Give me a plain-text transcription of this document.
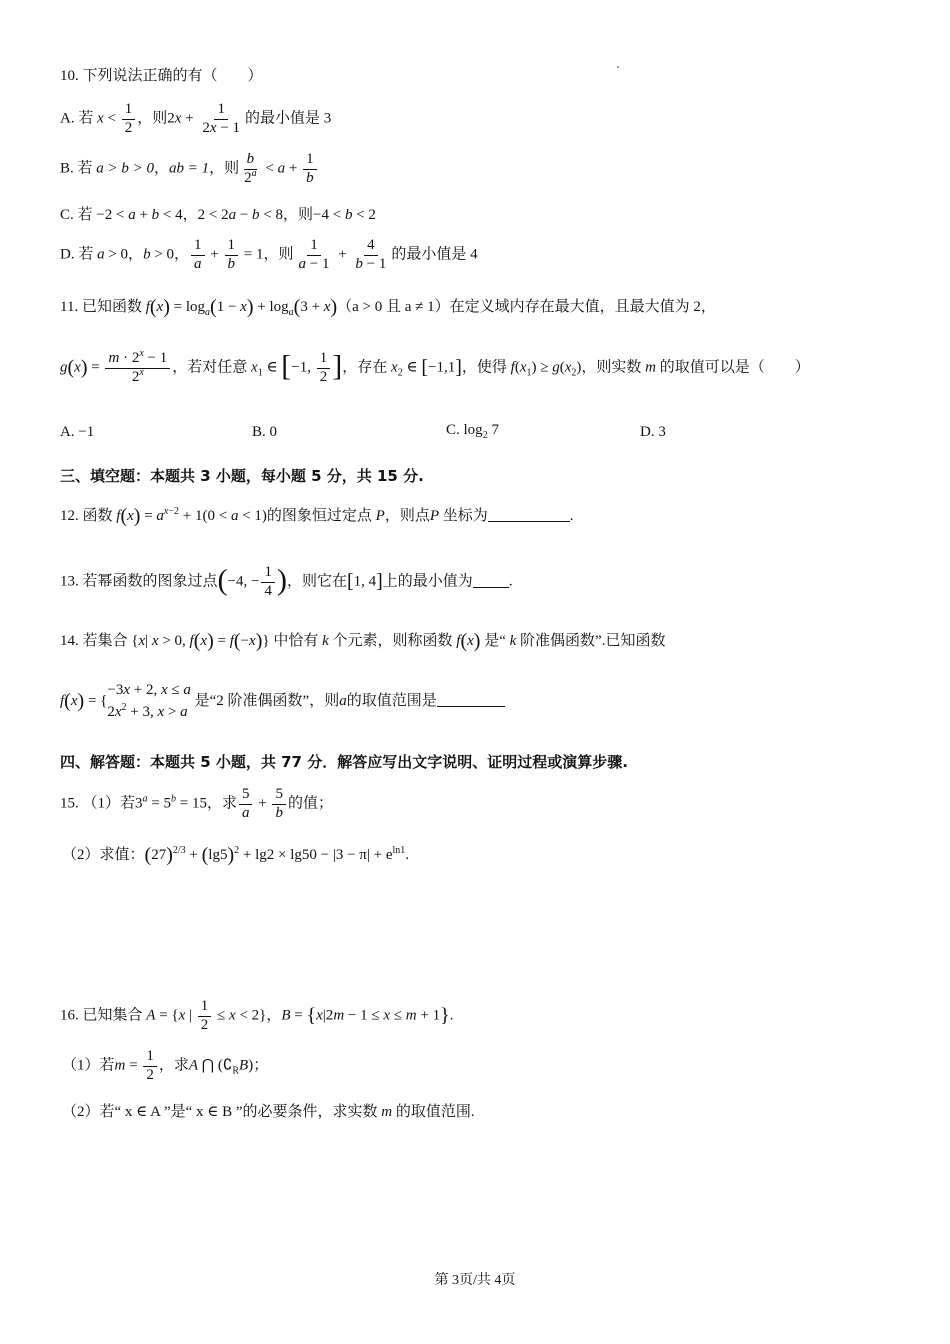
10. 下列说法正确的有（　　）
A. 若 $x < \frac{1}{2}$ ，则$2x + \frac{1}{2x - 1}$ 的最小值是 3
B. 若 a > b > 0，ab = 1，则 $\frac{b}{2^a} < a + \frac{1}{b}$
C. 若 −2 < a + b < 4，2 < 2a − b < 8，则−4 < b < 2
D. 若 a > 0，b > 0， $\frac{1}{a} + \frac{1}{b} = 1$，则 $\frac{1}{a - 1} + \frac{4}{b - 1}$ 的最小值是 4
11. 已知函数 $f(x) = \log_a(1 - x) + \log_a(3 + x)(a > 0$ 且 a ≠ 1）在定义域内存在最大值，且最大值为 2，
$g(x) = \frac{m \cdot 2^x - 1}{2^x}$ ，若对任意 $x_1$ ∈ [−1, $\frac{1}{2}$ ]，存在 $x_2$ ∈ [−1,1]，使得 $f(x_1) \ge g(x_2)$，则实数 m 的取值可以是（　　）
A. −1	B. 0	C. $\log_2 7$	D. 3
三、填空题：本题共 3 小题，每小题 5 分，共 15 分.
12. 函数 $f(x) = a^{x-2} + 1(0 < a < 1)$的图象恒过定点 P，则点P 坐标为	.
13. 若幂函数的图象过点(−4, − $\frac{1}{4}$ )，则它在[1, 4]上的最小值为 .
14. 若集合 {x| x > 0, f(x) = f(−x)} 中恰有 k 个元素，则称函数 f(x) 是“ k 阶准偶函数”.已知函数
f(x) = {
−3x + 2, x ≤ a
$2x^2 + 3$, x > a
是“2 阶准偶函数”，则a的取值范围是
四、解答题：本题共 5 小题，共 77 分．解答应写出文字说明、证明过程或演算步骤.
15. （1）若$3^a = 5^b = 15$，求 $\frac{5}{a} + \frac{5}{b}$ 的值；
（2）求值：$(27)^{2/3} + (\lg 5)^2 + \lg 2 \times \lg 50 - |3 - \pi| + e^{ln1}$.
16. 已知集合 A = {x | $\frac{1}{2} \le x < 2$}，B = {x|2m − 1 ≤ x ≤ m + 1}.
（1）若$m = \frac{1}{2}$ ，求A ⋂ $(∁_RB)$；
（2）若“ x ∈ A ”是“ x ∈ B ”的必要条件，求实数 m 的取值范围.
第 3页/共 4页
